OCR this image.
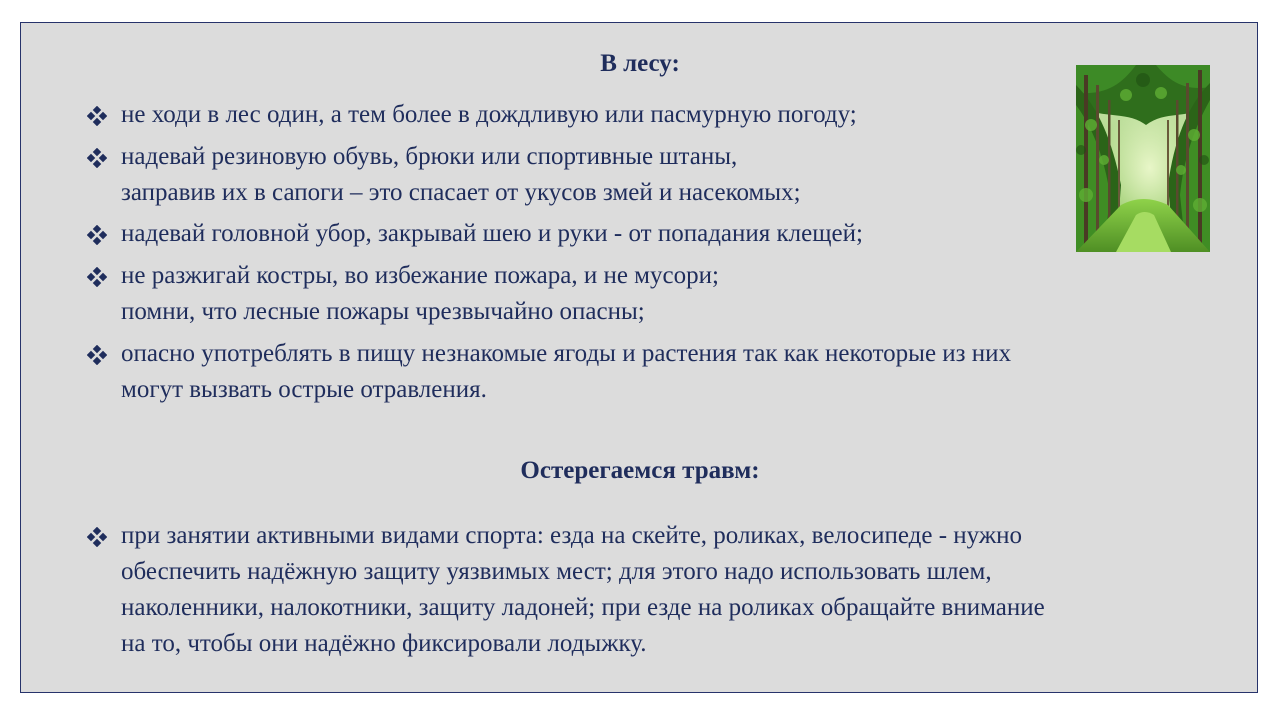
В лесу:
не ходи в лес один, а тем более в дождливую или пасмурную погоду;
надевай резиновую обувь, брюки или спортивные штаны,
заправив их в сапоги – это спасает от укусов змей и насекомых;
надевай головной убор, закрывай шею и руки - от попадания клещей;
не разжигай костры, во избежание пожара, и не мусори;
помни, что лесные пожары чрезвычайно опасны;
опасно употреблять в пищу незнакомые ягоды и растения так как некоторые из них
могут вызвать острые отравления.
Остерегаемся травм:
при занятии активными видами спорта: езда на скейте, роликах, велосипеде - нужно
обеспечить надёжную защиту уязвимых мест; для этого надо использовать шлем,
наколенники, налокотники, защиту ладоней; при езде на роликах обращайте внимание
на то, чтобы они надёжно фиксировали лодыжку.
